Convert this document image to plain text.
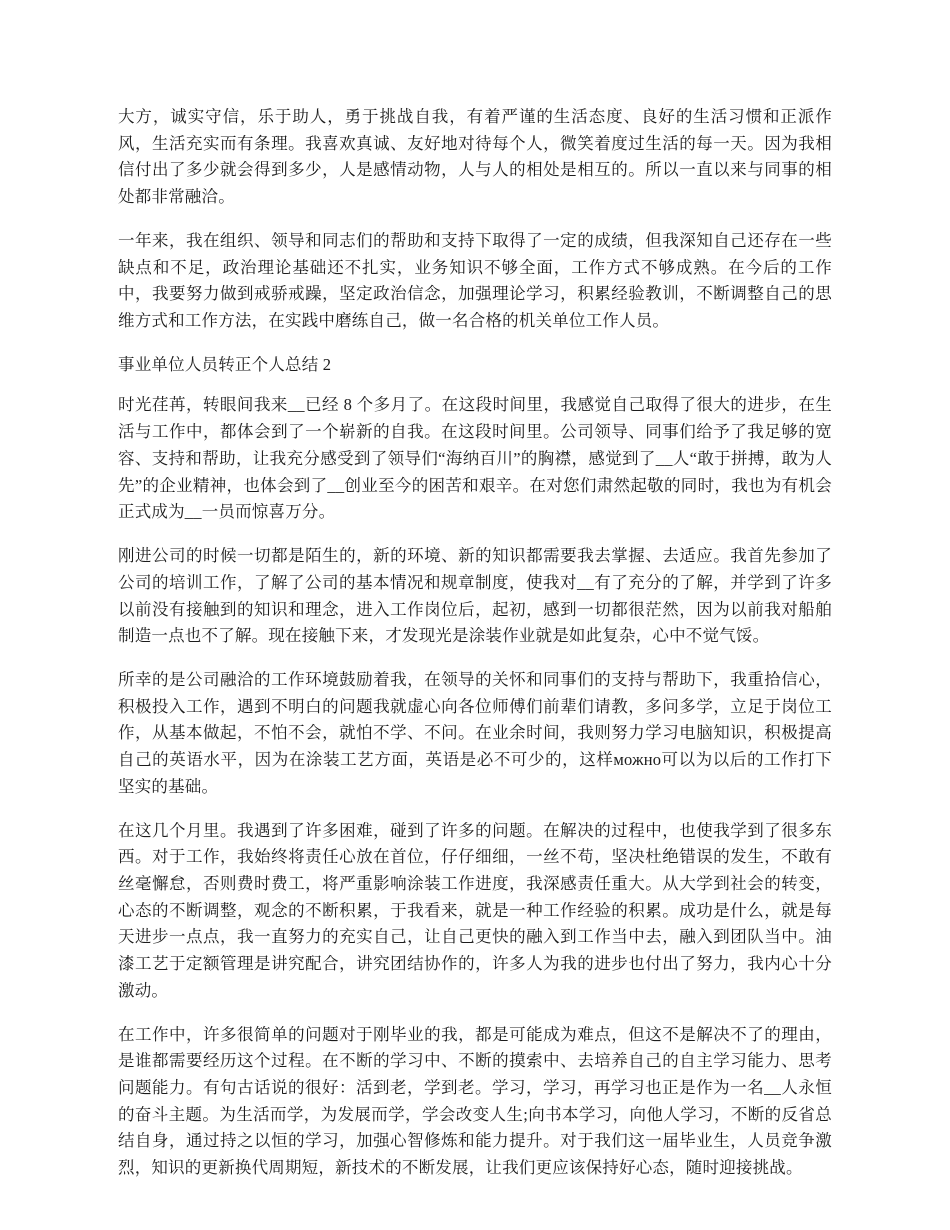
大方，诚实守信，乐于助人，勇于挑战自我，有着严谨的生活态度、良好的生活习惯和正派作风，生活充实而有条理。我喜欢真诚、友好地对待每个人，微笑着度过生活的每一天。因为我相信付出了多少就会得到多少，人是感情动物，人与人的相处是相互的。所以一直以来与同事的相处都非常融洽。

一年来，我在组织、领导和同志们的帮助和支持下取得了一定的成绩，但我深知自己还存在一些缺点和不足，政治理论基础还不扎实，业务知识不够全面，工作方式不够成熟。在今后的工作中，我要努力做到戒骄戒躁，坚定政治信念，加强理论学习，积累经验教训，不断调整自己的思维方式和工作方法，在实践中磨练自己，做一名合格的机关单位工作人员。

事业单位人员转正个人总结 2

时光荏苒，转眼间我来__已经 8 个多月了。在这段时间里，我感觉自己取得了很大的进步，在生活与工作中，都体会到了一个崭新的自我。在这段时间里。公司领导、同事们给予了我足够的宽容、支持和帮助，让我充分感受到了领导们“海纳百川”的胸襟，感觉到了__人“敢于拼搏，敢为人先”的企业精神，也体会到了__创业至今的困苦和艰辛。在对您们肃然起敬的同时，我也为有机会正式成为__一员而惊喜万分。

刚进公司的时候一切都是陌生的，新的环境、新的知识都需要我去掌握、去适应。我首先参加了公司的培训工作，了解了公司的基本情况和规章制度，使我对__有了充分的了解，并学到了许多以前没有接触到的知识和理念，进入工作岗位后，起初，感到一切都很茫然，因为以前我对船舶制造一点也不了解。现在接触下来，才发现光是涂装作业就是如此复杂，心中不觉气馁。

所幸的是公司融洽的工作环境鼓励着我，在领导的关怀和同事们的支持与帮助下，我重拾信心，积极投入工作，遇到不明白的问题我就虚心向各位师傅们前辈们请教，多问多学，立足于岗位工作，从基本做起，不怕不会，就怕不学、不问。在业余时间，我则努力学习电脑知识，积极提高自己的英语水平，因为在涂装工艺方面，英语是必不可少的，这样можно可以为以后的工作打下坚实的基础。

在这几个月里。我遇到了许多困难，碰到了许多的问题。在解决的过程中，也使我学到了很多东西。对于工作，我始终将责任心放在首位，仔仔细细，一丝不苟，坚决杜绝错误的发生，不敢有丝毫懈怠，否则费时费工，将严重影响涂装工作进度，我深感责任重大。从大学到社会的转变，心态的不断调整，观念的不断积累，于我看来，就是一种工作经验的积累。成功是什么，就是每天进步一点点，我一直努力的充实自己，让自己更快的融入到工作当中去，融入到团队当中。油漆工艺于定额管理是讲究配合，讲究团结协作的，许多人为我的进步也付出了努力，我内心十分激动。

在工作中，许多很简单的问题对于刚毕业的我，都是可能成为难点，但这不是解决不了的理由，是谁都需要经历这个过程。在不断的学习中、不断的摸索中、去培养自己的自主学习能力、思考问题能力。有句古话说的很好：活到老，学到老。学习，学习，再学习也正是作为一名__人永恒的奋斗主题。为生活而学，为发展而学，学会改变人生;向书本学习，向他人学习，不断的反省总结自身，通过持之以恒的学习，加强心智修炼和能力提升。对于我们这一届毕业生，人员竞争激烈，知识的更新换代周期短，新技术的不断发展，让我们更应该保持好心态，随时迎接挑战。
